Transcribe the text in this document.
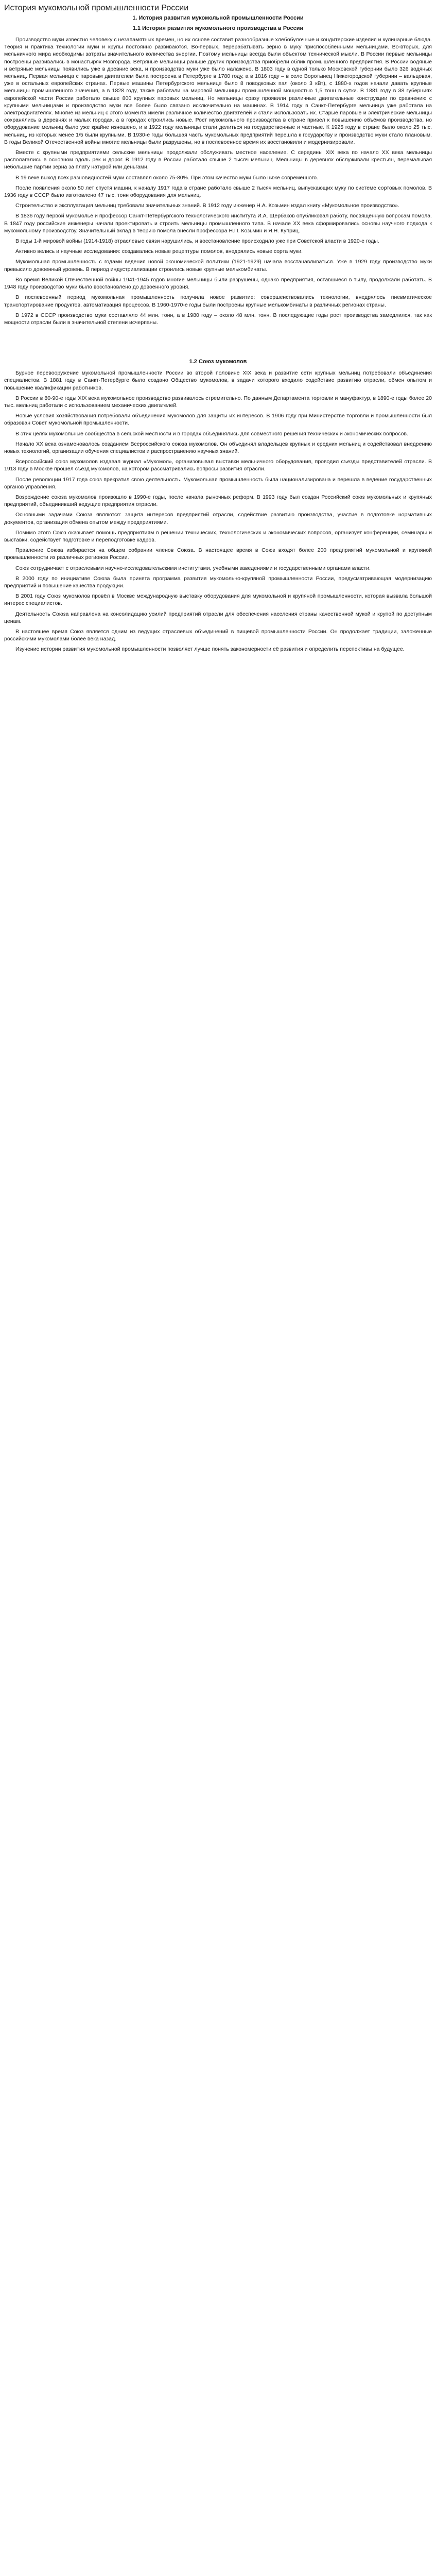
История мукомольной промышленности России
1. История развития мукомольной промышленности России
1.1 История развития мукомольного производства в России

Производство муки известно человеку с незапамятных времен, но их основе составит разнообразные хлебобулочные и кондитерские изделия и кулинарные блюда. Теория и практика технологии муки и крупы постоянно развиваются. Во-первых, перерабатывать зерно в муку приспособленными мельницами. Во-вторых, для мельничного мира необходимы затраты значительного количества энергии. Поэтому мельницы всегда были объектом технической мысли. В России первые мельницы построены развивались в монастырях Новгорода. Ветряные мельницы раньше других производства приобрели облик промышленного предприятия. В России водяные и ветряные мельницы появились уже в древние века, и производство муки уже было налажено. В 1803 году в одной только Московской губернии было 326 водяных мельниц. Первая мельница с паровым двигателем была построена в Петербурге в 1780 году, а в 1816 году – в селе Воротынец Нижегородской губернии – вальцовая, уже в остальных европейских странах. Первые машины Петербургского мельнице было 8 поводковых пал (около 3 кВт), с 1880-х годов начали давать крупные мельницы промышленного значения, а в 1828 году, также работали на мировой мельницы промышленной мощностью 1,5 тонн в сутки. В 1881 году в 38 губерниях европейской части России работало свыше 800 крупных паровых мельниц. Но мельницы сразу проявили различные двигательные конструкции по сравнению с крупными мельницами и производство муки все более было связано исключительно на машинах. В 1914 году в Санкт-Петербурге мельница уже работала на электродвигателях. Многие из мельниц с этого момента имели различное количество двигателей и стали использовать их. Старые паровые и электрические мельницы сохранялись в деревнях и малых городах, а в городах строились новые. Рост мукомольного производства в стране привел к повышению объёмов производства, но оборудование мельниц было уже крайне изношено, и в 1922 году мельницы стали делиться на государственные и частные. К 1925 году в стране было около 25 тыс. мельниц, из которых менее 1/5 были крупными. В 1930-е годы большая часть мукомольных предприятий перешла к государству и производство муки стало плановым. В годы Великой Отечественной войны многие мельницы были разрушены, но в послевоенное время их восстановили и модернизировали.

Вместе с крупными предприятиями сельские мельницы продолжали обслуживать местное население. С середины XIX века по начало XX века мельницы располагались в основном вдоль рек и дорог. В 1912 году в России работало свыше 2 тысяч мельниц. Мельницы в деревнях обслуживали крестьян, перемалывая небольшие партии зерна за плату натурой или деньгами.

В 19 веке выход всех разновидностей муки составлял около 75-80%. При этом качество муки было ниже современного.

После появления около 50 лет спустя машин, к началу 1917 года в стране работало свыше 2 тысяч мельниц, выпускающих муку по системе сортовых помолов. В 1936 году в СССР было изготовлено 47 тыс. тонн оборудования для мельниц.

Строительство и эксплуатация мельниц требовали значительных знаний. В 1912 году инженер Н.А. Козьмин издал книгу «Мукомольное производство».

В 1836 году первой мукомолье и профессор Санкт-Петербургского технологического института И.А. Щербаков опубликовал работу, посвящённую вопросам помола. В 1847 году российские инженеры начали проектировать и строить мельницы промышленного типа. В начале XX века сформировались основы научного подхода к мукомольному производству. Значительный вклад в теорию помола внесли профессора Н.П. Козьмин и Я.Н. Куприц.

В годы 1-й мировой войны (1914-1918) отраслевые связи нарушились, и восстановление происходило уже при Советской власти в 1920-е годы.

Активно велись и научные исследования: создавались новые рецептуры помолов, внедрялись новые сорта муки.

Мукомольная промышленность с годами ведения новой экономической политики (1921-1929) начала восстанавливаться. Уже в 1929 году производство муки превысило довоенный уровень. В период индустриализации строились новые крупные мелькомбинаты.

Во время Великой Отечественной войны 1941-1945 годов многие мельницы были разрушены, однако предприятия, оставшиеся в тылу, продолжали работать. В 1948 году производство муки было восстановлено до довоенного уровня.

В послевоенный период мукомольная промышленность получила новое развитие: совершенствовались технологии, внедрялось пневматическое транспортирование продуктов, автоматизация процессов. В 1960-1970-е годы были построены крупные мелькомбинаты в различных регионах страны.

В 1972 в СССР производство муки составляло 44 млн. тонн, а в 1980 году – около 48 млн. тонн. В последующие годы рост производства замедлился, так как мощности отрасли были в значительной степени исчерпаны.

1.2 Союз мукомолов

Бурное перевооружение мукомольной промышленности России во второй половине XIX века и развитие сети крупных мельниц потребовали объединения специалистов. В 1881 году в Санкт-Петербурге было создано Общество мукомолов, в задачи которого входило содействие развитию отрасли, обмен опытом и повышение квалификации работников.

В России в 80-90-е годы XIX века мукомольное производство развивалось стремительно. По данным Департамента торговли и мануфактур, в 1890-е годы более 20 тыс. мельниц работали с использованием механических двигателей.

Новые условия хозяйствования потребовали объединения мукомолов для защиты их интересов. В 1906 году при Министерстве торговли и промышленности был образован Совет мукомольной промышленности.

В этих целях мукомольные сообщества в сельской местности и в городах объединялись для совместного решения технических и экономических вопросов.

Начало XX века ознаменовалось созданием Всероссийского союза мукомолов. Он объединял владельцев крупных и средних мельниц и содействовал внедрению новых технологий, организации обучения специалистов и распространению научных знаний.

Всероссийский союз мукомолов издавал журнал «Мукомол», организовывал выставки мельничного оборудования, проводил съезды представителей отрасли. В 1913 году в Москве прошёл съезд мукомолов, на котором рассматривались вопросы развития отрасли.

После революции 1917 года союз прекратил свою деятельность. Мукомольная промышленность была национализирована и перешла в ведение государственных органов управления.

Возрождение союза мукомолов произошло в 1990-е годы, после начала рыночных реформ. В 1993 году был создан Российский союз мукомольных и крупяных предприятий, объединивший ведущие предприятия отрасли.

Основными задачами Союза являются: защита интересов предприятий отрасли, содействие развитию производства, участие в подготовке нормативных документов, организация обмена опытом между предприятиями.

Помимо этого Союз оказывает помощь предприятиям в решении технических, технологических и экономических вопросов, организует конференции, семинары и выставки, содействует подготовке и переподготовке кадров.

Правление Союза избирается на общем собрании членов Союза. В настоящее время в Союз входят более 200 предприятий мукомольной и крупяной промышленности из различных регионов России.

Союз сотрудничает с отраслевыми научно-исследовательскими институтами, учебными заведениями и государственными органами власти.

В 2000 году по инициативе Союза была принята программа развития мукомольно-крупяной промышленности России, предусматривающая модернизацию предприятий и повышение качества продукции.

В 2001 году Союз мукомолов провёл в Москве международную выставку оборудования для мукомольной и крупяной промышленности, которая вызвала большой интерес специалистов.

Деятельность Союза направлена на консолидацию усилий предприятий отрасли для обеспечения населения страны качественной мукой и крупой по доступным ценам.

В настоящее время Союз является одним из ведущих отраслевых объединений в пищевой промышленности России. Он продолжает традиции, заложенные российскими мукомолами более века назад.

Изучение истории развития мукомольной промышленности позволяет лучше понять закономерности её развития и определить перспективы на будущее.
